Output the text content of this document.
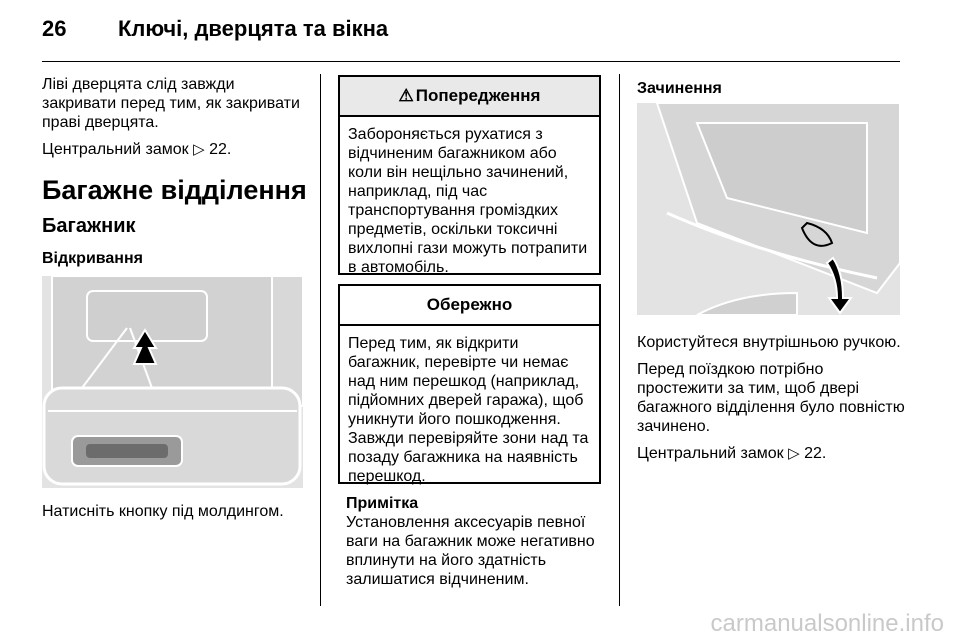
26 Ключі, дверцята та вікна

Ліві дверцята слід завжди закривати перед тим, як закривати праві дверцята.

Центральний замок ▷ 22.

Багажне відділення
Багажник
Відкривання
Натисніть кнопку під молдингом.
⚠ Попередження
Забороняється рухатися з відчиненим багажником або коли він нещільно зачинений, наприклад, під час транспортування громіздких предметів, оскільки токсичні вихлопні гази можуть потрапити в автомобіль.
Обережно
Перед тим, як відкрити багажник, перевірте чи немає над ним перешкод (наприклад, підйомних дверей гаража), щоб уникнути його пошкодження. Завжди перевіряйте зони над та позаду багажника на наявність перешкод.
Примітка
Установлення аксесуарів певної ваги на багажник може негативно вплинути на його здатність залишатися відчиненим.
Зачинення

Користуйтеся внутрішньою ручкою.

Перед поїздкою потрібно простежити за тим, щоб дверi багажного відділення було повністю зачинено.

Центральний замок ▷ 22.

carmanualsonline.info
